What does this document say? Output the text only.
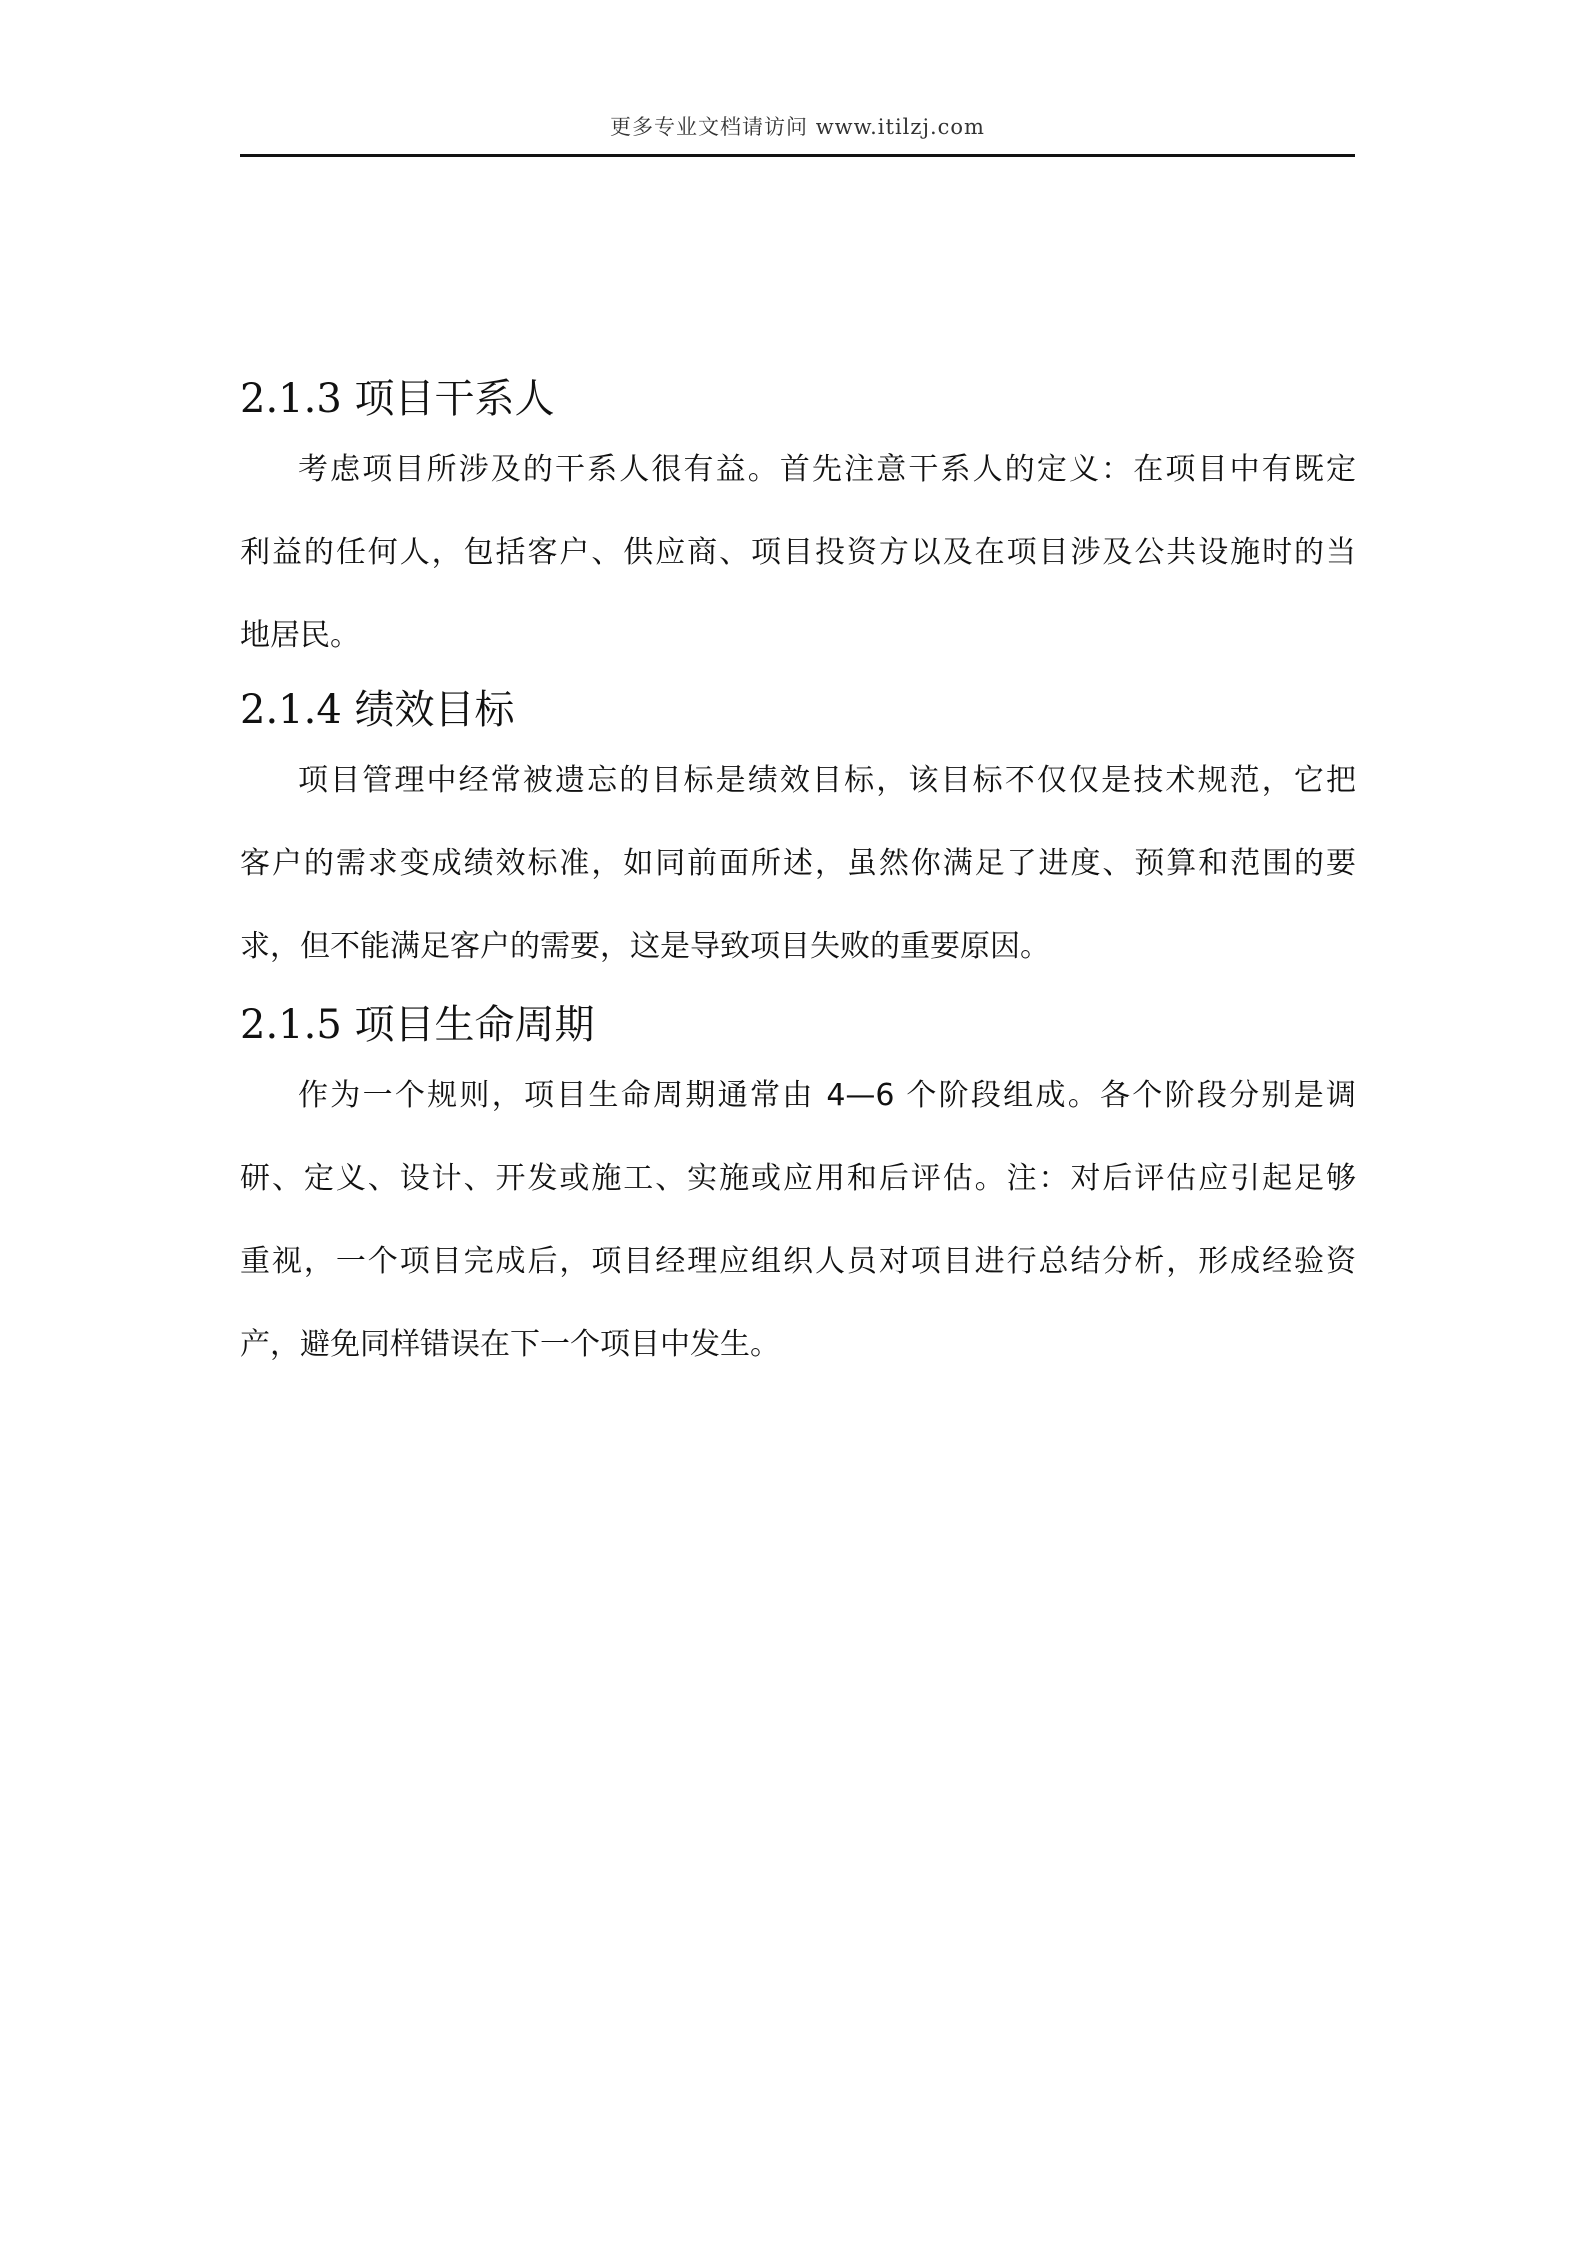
更多专业文档请访问 www.itilzj.com
2.1.3 项目干系人

考虑项目所涉及的干系人很有益。首先注意干系人的定义：在项目中有既定
利益的任何人，包括客户、供应商、项目投资方以及在项目涉及公共设施时的当
地居民。

2.1.4 绩效目标

项目管理中经常被遗忘的目标是绩效目标，该目标不仅仅是技术规范，它把
客户的需求变成绩效标准，如同前面所述，虽然你满足了进度、预算和范围的要
求，但不能满足客户的需要，这是导致项目失败的重要原因。

2.1.5 项目生命周期

作为一个规则，项目生命周期通常由 4—6 个阶段组成。各个阶段分别是调
研、定义、设计、开发或施工、实施或应用和后评估。注：对后评估应引起足够
重视，一个项目完成后，项目经理应组织人员对项目进行总结分析，形成经验资
产，避免同样错误在下一个项目中发生。
